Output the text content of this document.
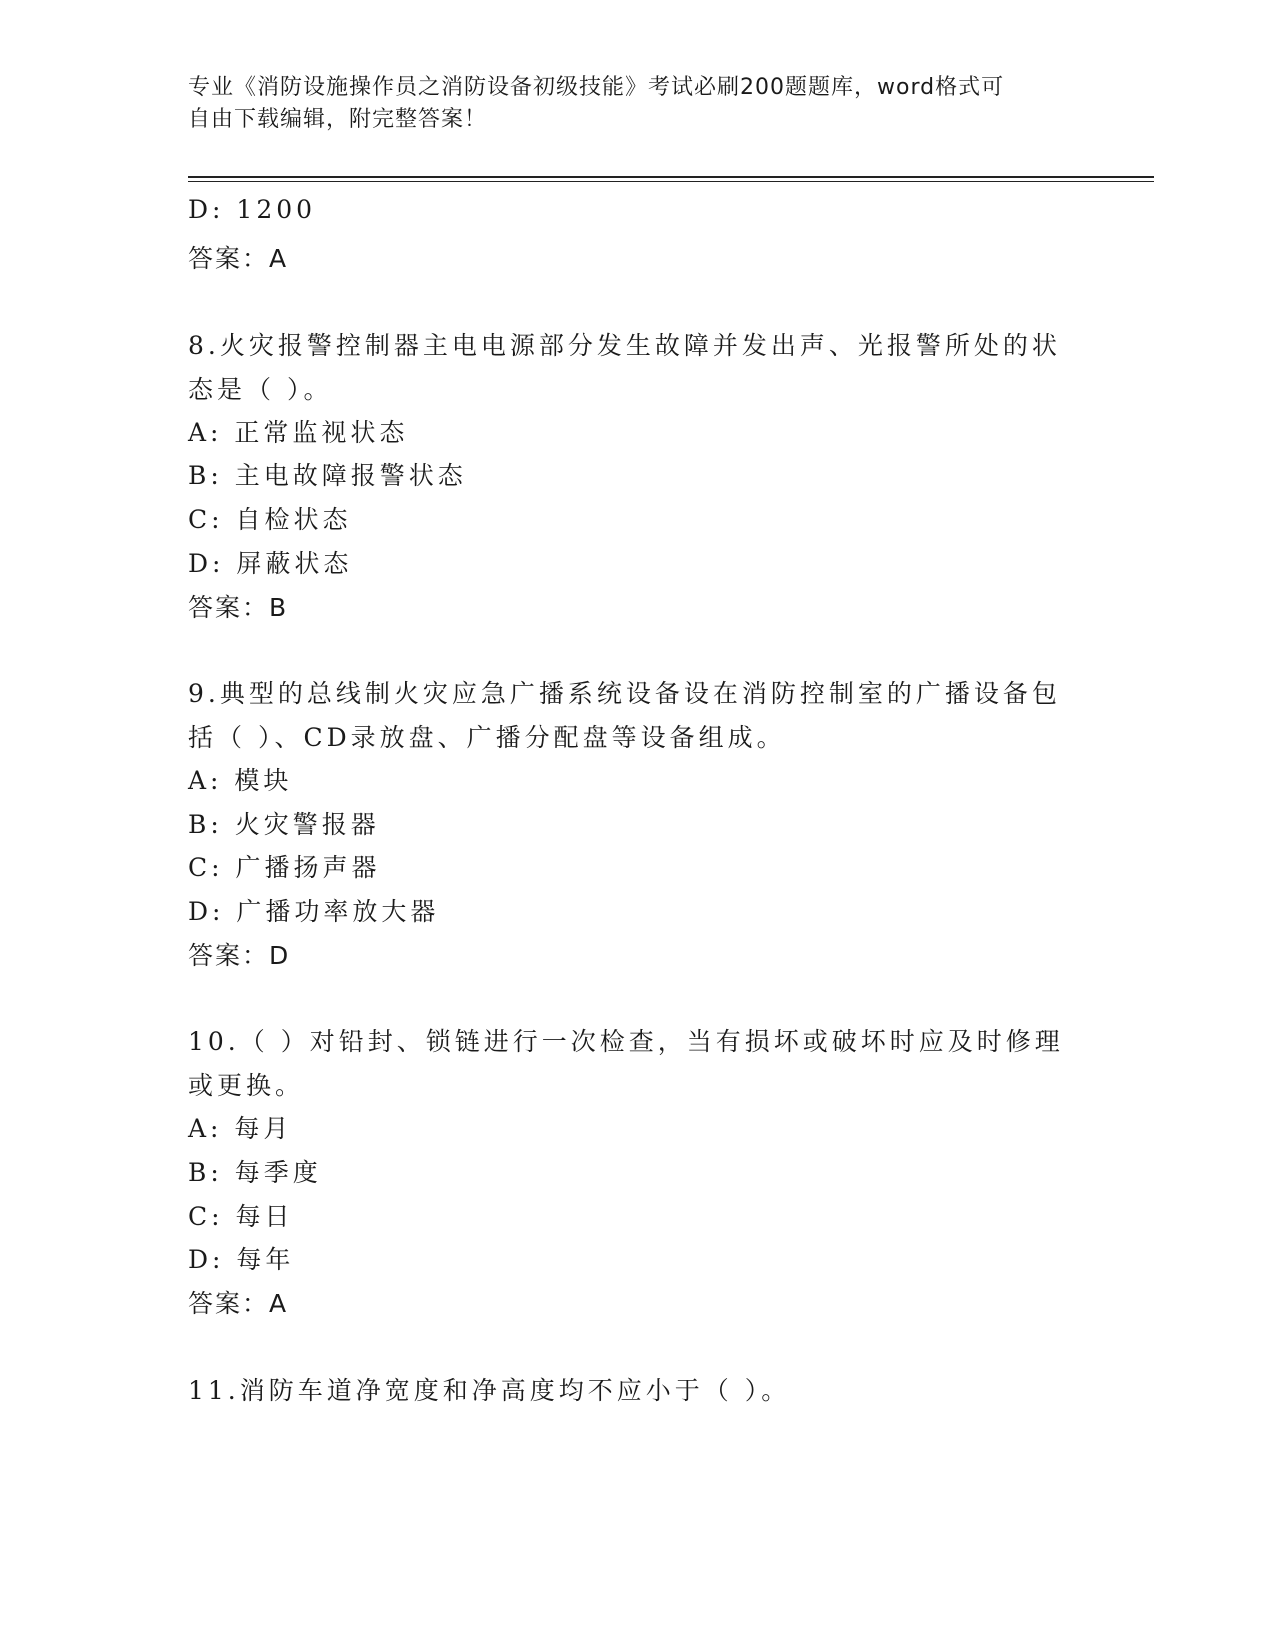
专业《消防设施操作员之消防设备初级技能》考试必刷200题题库，word格式可
自由下载编辑，附完整答案！
D: 1200
答案：A
8.火灾报警控制器主电电源部分发生故障并发出声、光报警所处的状
态是（ ）。
A: 正常监视状态
B: 主电故障报警状态
C: 自检状态
D: 屏蔽状态
答案：B
9.典型的总线制火灾应急广播系统设备设在消防控制室的广播设备包
括（ ）、CD录放盘、广播分配盘等设备组成。
A: 模块
B: 火灾警报器
C: 广播扬声器
D: 广播功率放大器
答案：D
10.（ ）对铅封、锁链进行一次检查，当有损坏或破坏时应及时修理
或更换。
A: 每月
B: 每季度
C: 每日
D: 每年
答案：A
11.消防车道净宽度和净高度均不应小于（ ）。
